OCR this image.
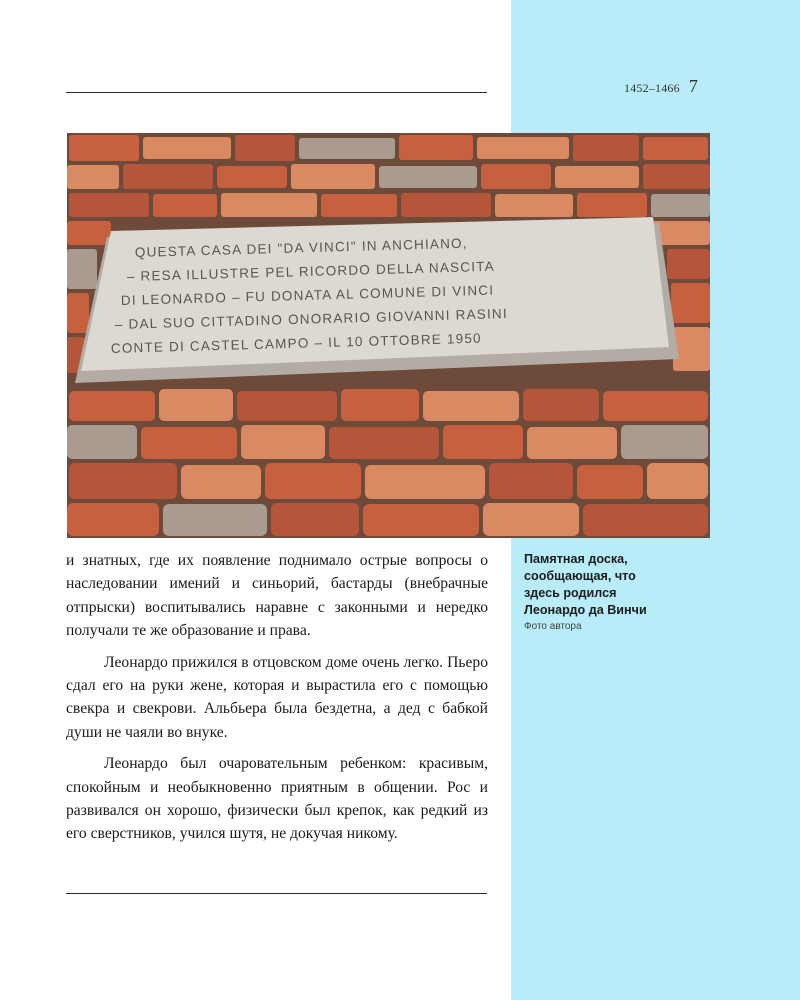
1452–1466 7
QUESTA CASA DEI "DA VINCI" IN ANCHIANO,
– RESA ILLUSTRE PEL RICORDO DELLA NASCITA
DI LEONARDO – FU DONATA AL COMUNE DI VINCI
– DAL SUO CITTADINO ONORARIO GIOVANNI RASINI
CONTE DI CASTEL CAMPO – IL 10 OTTOBRE 1950

и знатных, где их появление поднимало острые вопросы о наследовании имений и синьорий, бастарды (внебрачные отпрыски) воспитывались наравне с законными и нередко получали те же образование и права.

Леонардо прижился в отцовском доме очень легко. Пьеро сдал его на руки жене, которая и вырастила его с помощью свекра и свекрови. Альбьера была бездетна, а дед с бабкой души не чаяли во внуке.

Леонардо был очаровательным ребенком: красивым, спокойным и необыкновенно приятным в общении. Рос и развивался он хорошо, физически был крепок, как редкий из его сверстников, учился шутя, не докучая никому.

Памятная доска, сообщающая, что здесь родился Леонардо да Винчи
Фото автора
